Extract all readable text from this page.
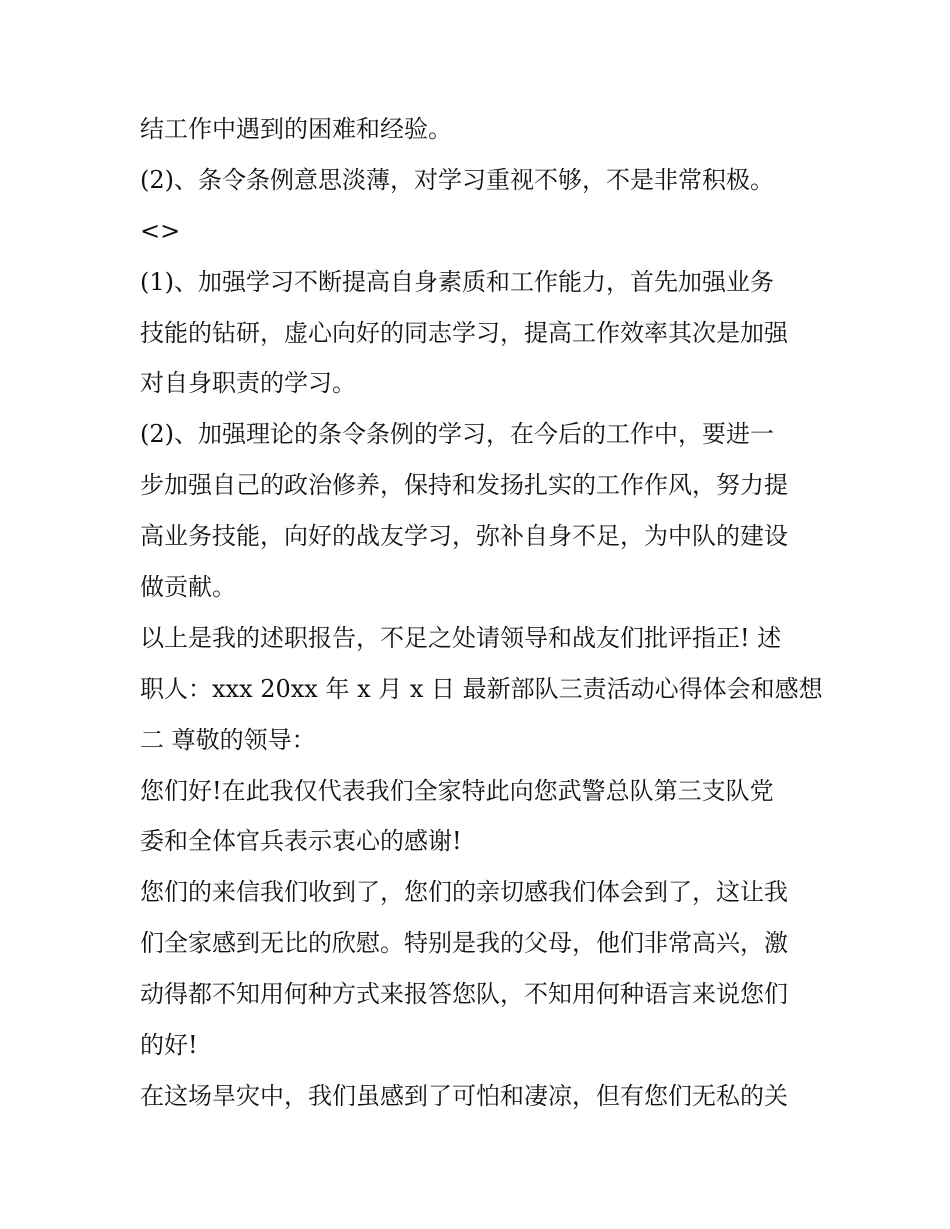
结工作中遇到的困难和经验。
(2)、条令条例意思淡薄，对学习重视不够，不是非常积极。
<>
(1)、加强学习不断提高自身素质和工作能力，首先加强业务
技能的钻研，虚心向好的同志学习，提高工作效率其次是加强
对自身职责的学习。
(2)、加强理论的条令条例的学习，在今后的工作中，要进一
步加强自己的政治修养，保持和发扬扎实的工作作风，努力提
高业务技能，向好的战友学习，弥补自身不足，为中队的建设
做贡献。
以上是我的述职报告，不足之处请领导和战友们批评指正! 述
职人：xxx 20xx 年 x 月 x 日 最新部队三责活动心得体会和感想
二 尊敬的领导：
您们好!在此我仅代表我们全家特此向您武警总队第三支队党
委和全体官兵表示衷心的感谢!
您们的来信我们收到了，您们的亲切感我们体会到了，这让我
们全家感到无比的欣慰。特别是我的父母，他们非常高兴，激
动得都不知用何种方式来报答您队，不知用何种语言来说您们
的好!
在这场旱灾中，我们虽感到了可怕和凄凉，但有您们无私的关
